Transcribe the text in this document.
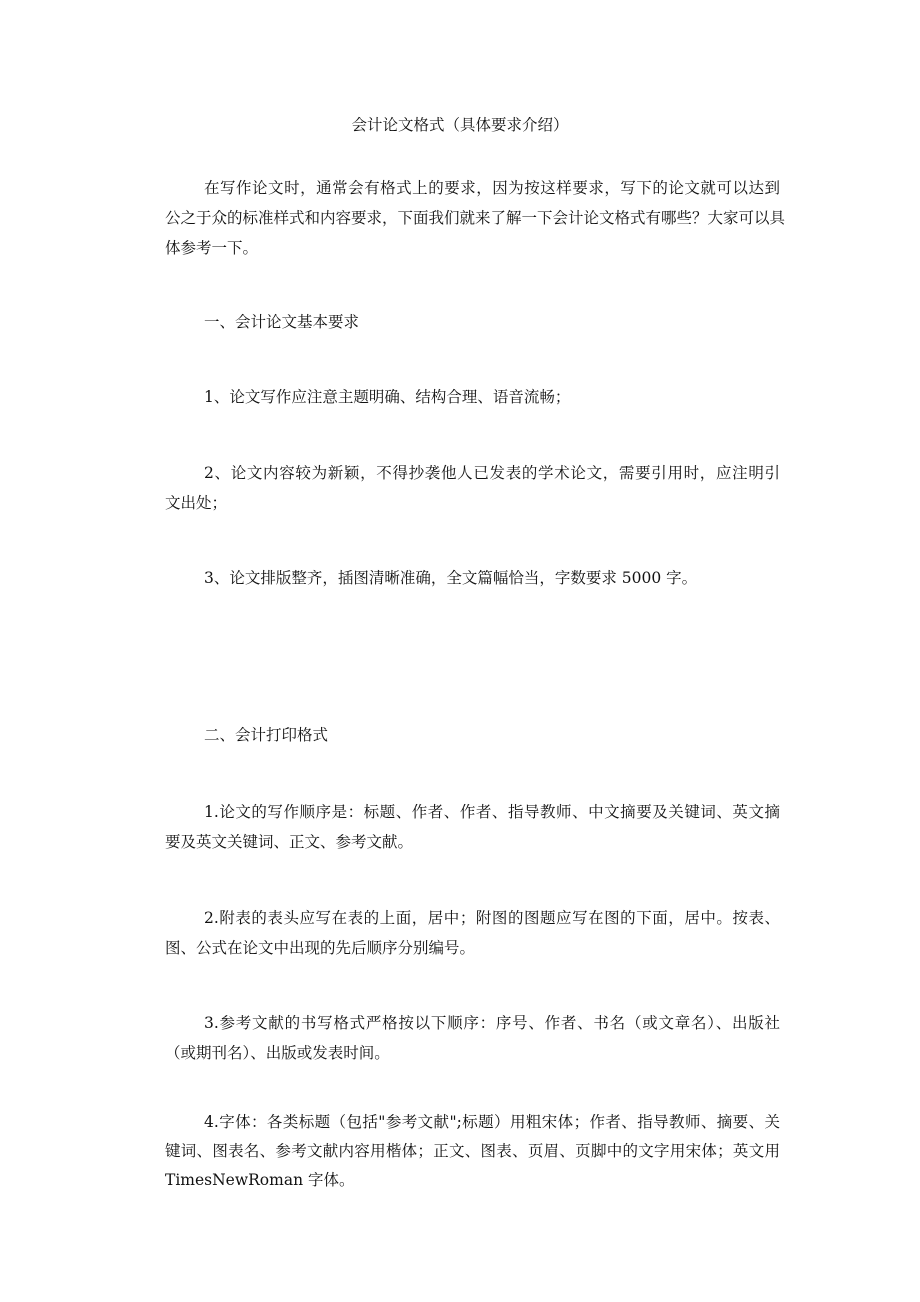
会计论文格式（具体要求介绍）
在写作论文时，通常会有格式上的要求，因为按这样要求，写下的论文就可以达到
公之于众的标准样式和内容要求，下面我们就来了解一下会计论文格式有哪些？大家可以具
体参考一下。
一、会计论文基本要求
1、论文写作应注意主题明确、结构合理、语音流畅；
2、论文内容较为新颖，不得抄袭他人已发表的学术论文，需要引用时，应注明引
文出处；
3、论文排版整齐，插图清晰准确，全文篇幅恰当，字数要求 5000 字。
二、会计打印格式
1.论文的写作顺序是：标题、作者、作者、指导教师、中文摘要及关键词、英文摘
要及英文关键词、正文、参考文献。
2.附表的表头应写在表的上面，居中；附图的图题应写在图的下面，居中。按表、
图、公式在论文中出现的先后顺序分别编号。
3.参考文献的书写格式严格按以下顺序：序号、作者、书名（或文章名）、出版社
（或期刊名）、出版或发表时间。
4.字体：各类标题（包括"参考文献";标题）用粗宋体；作者、指导教师、摘要、关
键词、图表名、参考文献内容用楷体；正文、图表、页眉、页脚中的文字用宋体；英文用
TimesNewRoman 字体。
